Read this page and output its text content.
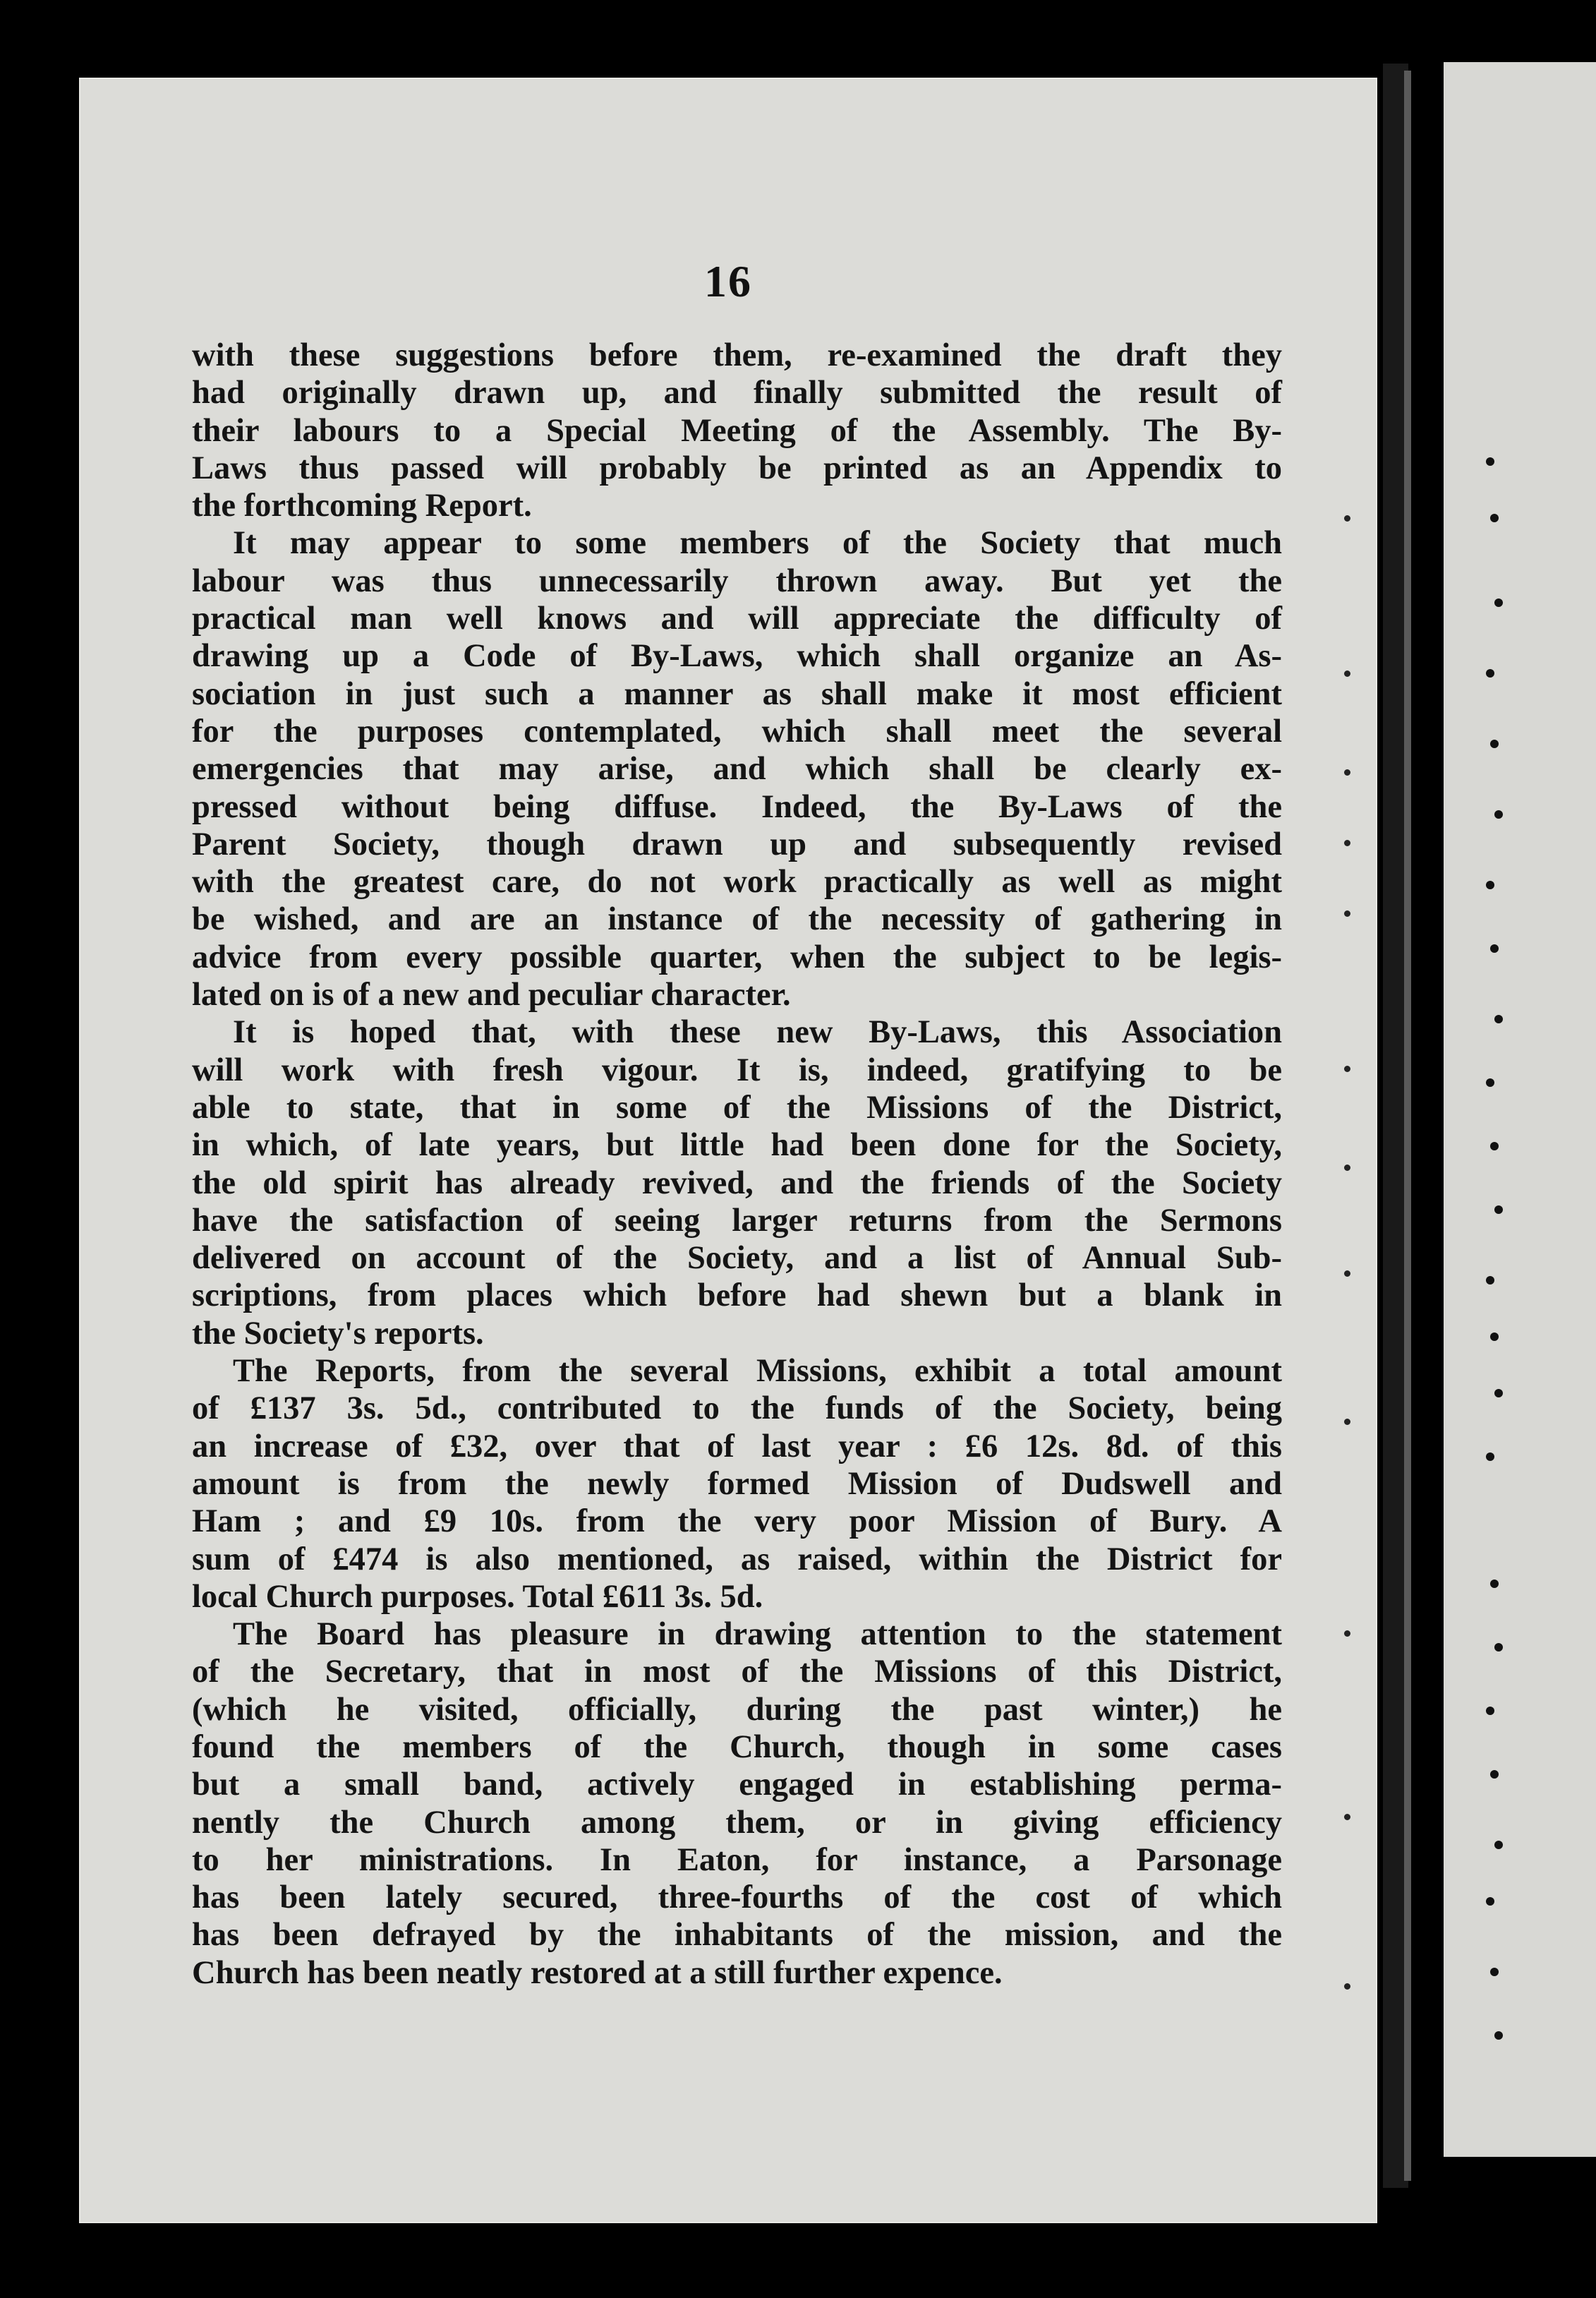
16

with these suggestions before them, re-examined the draft they
had originally drawn up, and finally submitted the result of
their labours to a Special Meeting of the Assembly. The By-
Laws thus passed will probably be printed as an Appendix to
the forthcoming Report.

It may appear to some members of the Society that much
labour was thus unnecessarily thrown away. But yet the
practical man well knows and will appreciate the difficulty of
drawing up a Code of By-Laws, which shall organize an As-
sociation in just such a manner as shall make it most efficient
for the purposes contemplated, which shall meet the several
emergencies that may arise, and which shall be clearly ex-
pressed without being diffuse. Indeed, the By-Laws of the
Parent Society, though drawn up and subsequently revised
with the greatest care, do not work practically as well as might
be wished, and are an instance of the necessity of gathering in
advice from every possible quarter, when the subject to be legis-
lated on is of a new and peculiar character.

It is hoped that, with these new By-Laws, this Association
will work with fresh vigour. It is, indeed, gratifying to be
able to state, that in some of the Missions of the District,
in which, of late years, but little had been done for the Society,
the old spirit has already revived, and the friends of the Society
have the satisfaction of seeing larger returns from the Sermons
delivered on account of the Society, and a list of Annual Sub-
scriptions, from places which before had shewn but a blank in
the Society's reports.

The Reports, from the several Missions, exhibit a total amount
of £137 3s. 5d., contributed to the funds of the Society, being
an increase of £32, over that of last year : £6 12s. 8d. of this
amount is from the newly formed Mission of Dudswell and
Ham ; and £9 10s. from the very poor Mission of Bury. A
sum of £474 is also mentioned, as raised, within the District for
local Church purposes. Total £611 3s. 5d.

The Board has pleasure in drawing attention to the statement
of the Secretary, that in most of the Missions of this District,
(which he visited, officially, during the past winter,) he
found the members of the Church, though in some cases
but a small band, actively engaged in establishing perma-
nently the Church among them, or in giving efficiency
to her ministrations. In Eaton, for instance, a Parsonage
has been lately secured, three-fourths of the cost of which
has been defrayed by the inhabitants of the mission, and the
Church has been neatly restored at a still further expence.
